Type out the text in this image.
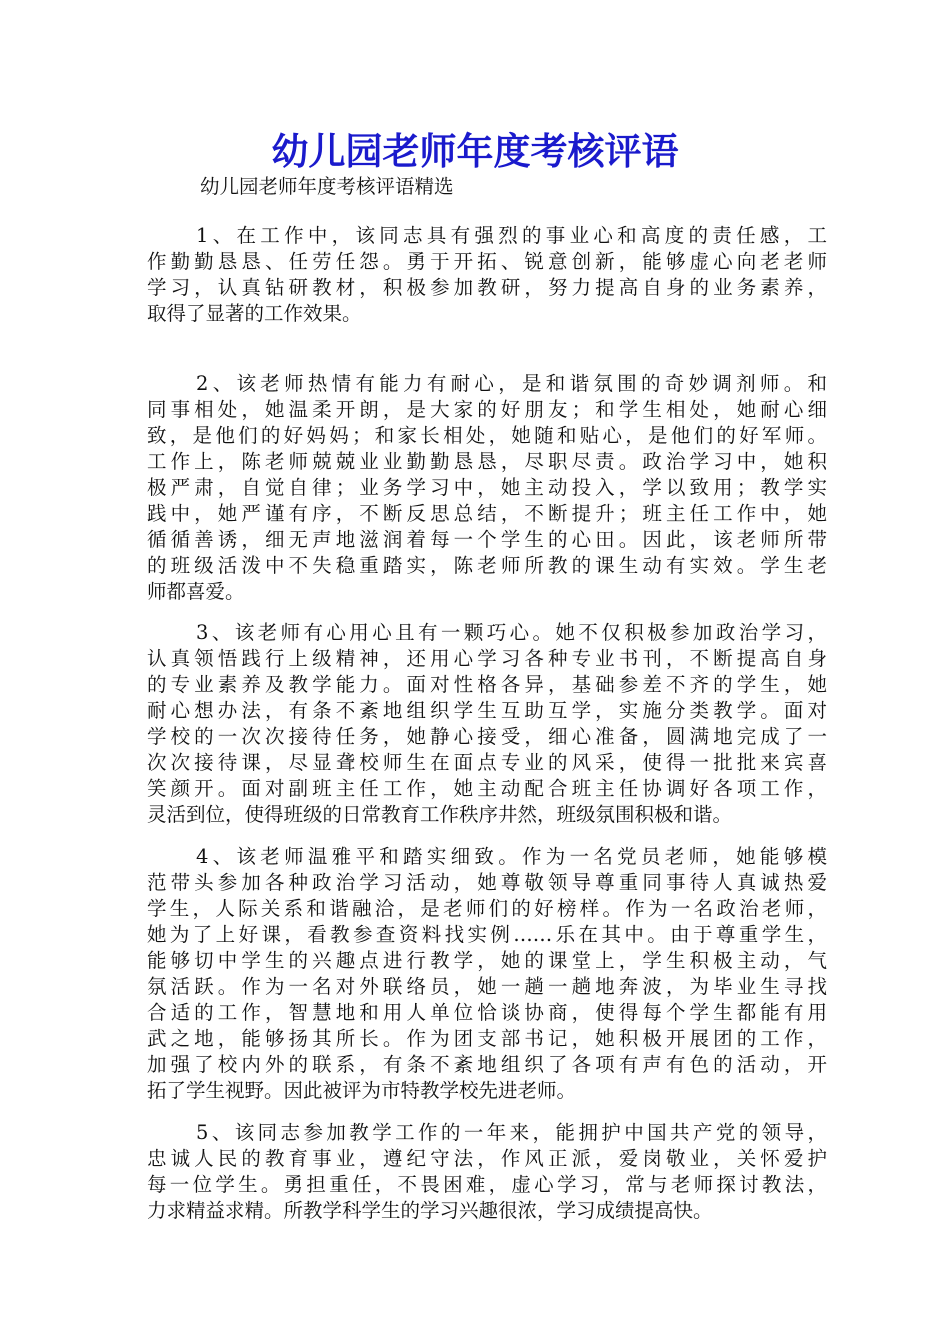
幼儿园老师年度考核评语
幼儿园老师年度考核评语精选
1、在工作中，该同志具有强烈的事业心和高度的责任感，工
作勤勤恳恳、任劳任怨。勇于开拓、锐意创新，能够虚心向老老师
学习，认真钻研教材，积极参加教研，努力提高自身的业务素养，
取得了显著的工作效果。
2、该老师热情有能力有耐心，是和谐氛围的奇妙调剂师。和
同事相处，她温柔开朗，是大家的好朋友；和学生相处，她耐心细
致，是他们的好妈妈；和家长相处，她随和贴心，是他们的好军师。
工作上，陈老师兢兢业业勤勤恳恳，尽职尽责。政治学习中，她积
极严肃，自觉自律；业务学习中，她主动投入，学以致用；教学实
践中，她严谨有序，不断反思总结，不断提升；班主任工作中，她
循循善诱，细无声地滋润着每一个学生的心田。因此，该老师所带
的班级活泼中不失稳重踏实，陈老师所教的课生动有实效。学生老
师都喜爱。
3、该老师有心用心且有一颗巧心。她不仅积极参加政治学习，
认真领悟践行上级精神，还用心学习各种专业书刊，不断提高自身
的专业素养及教学能力。面对性格各异，基础参差不齐的学生，她
耐心想办法，有条不紊地组织学生互助互学，实施分类教学。面对
学校的一次次接待任务，她静心接受，细心准备，圆满地完成了一
次次接待课，尽显聋校师生在面点专业的风采，使得一批批来宾喜
笑颜开。面对副班主任工作，她主动配合班主任协调好各项工作，
灵活到位，使得班级的日常教育工作秩序井然，班级氛围积极和谐。
4、该老师温雅平和踏实细致。作为一名党员老师，她能够模
范带头参加各种政治学习活动，她尊敬领导尊重同事待人真诚热爱
学生，人际关系和谐融洽，是老师们的好榜样。作为一名政治老师，
她为了上好课，看教参查资料找实例……乐在其中。由于尊重学生，
能够切中学生的兴趣点进行教学，她的课堂上，学生积极主动，气
氛活跃。作为一名对外联络员，她一趟一趟地奔波，为毕业生寻找
合适的工作，智慧地和用人单位恰谈协商，使得每个学生都能有用
武之地，能够扬其所长。作为团支部书记，她积极开展团的工作，
加强了校内外的联系，有条不紊地组织了各项有声有色的活动，开
拓了学生视野。因此被评为市特教学校先进老师。
5、该同志参加教学工作的一年来，能拥护中国共产党的领导，
忠诚人民的教育事业，遵纪守法，作风正派，爱岗敬业，关怀爱护
每一位学生。勇担重任，不畏困难，虚心学习，常与老师探讨教法，
力求精益求精。所教学科学生的学习兴趣很浓，学习成绩提高快。
